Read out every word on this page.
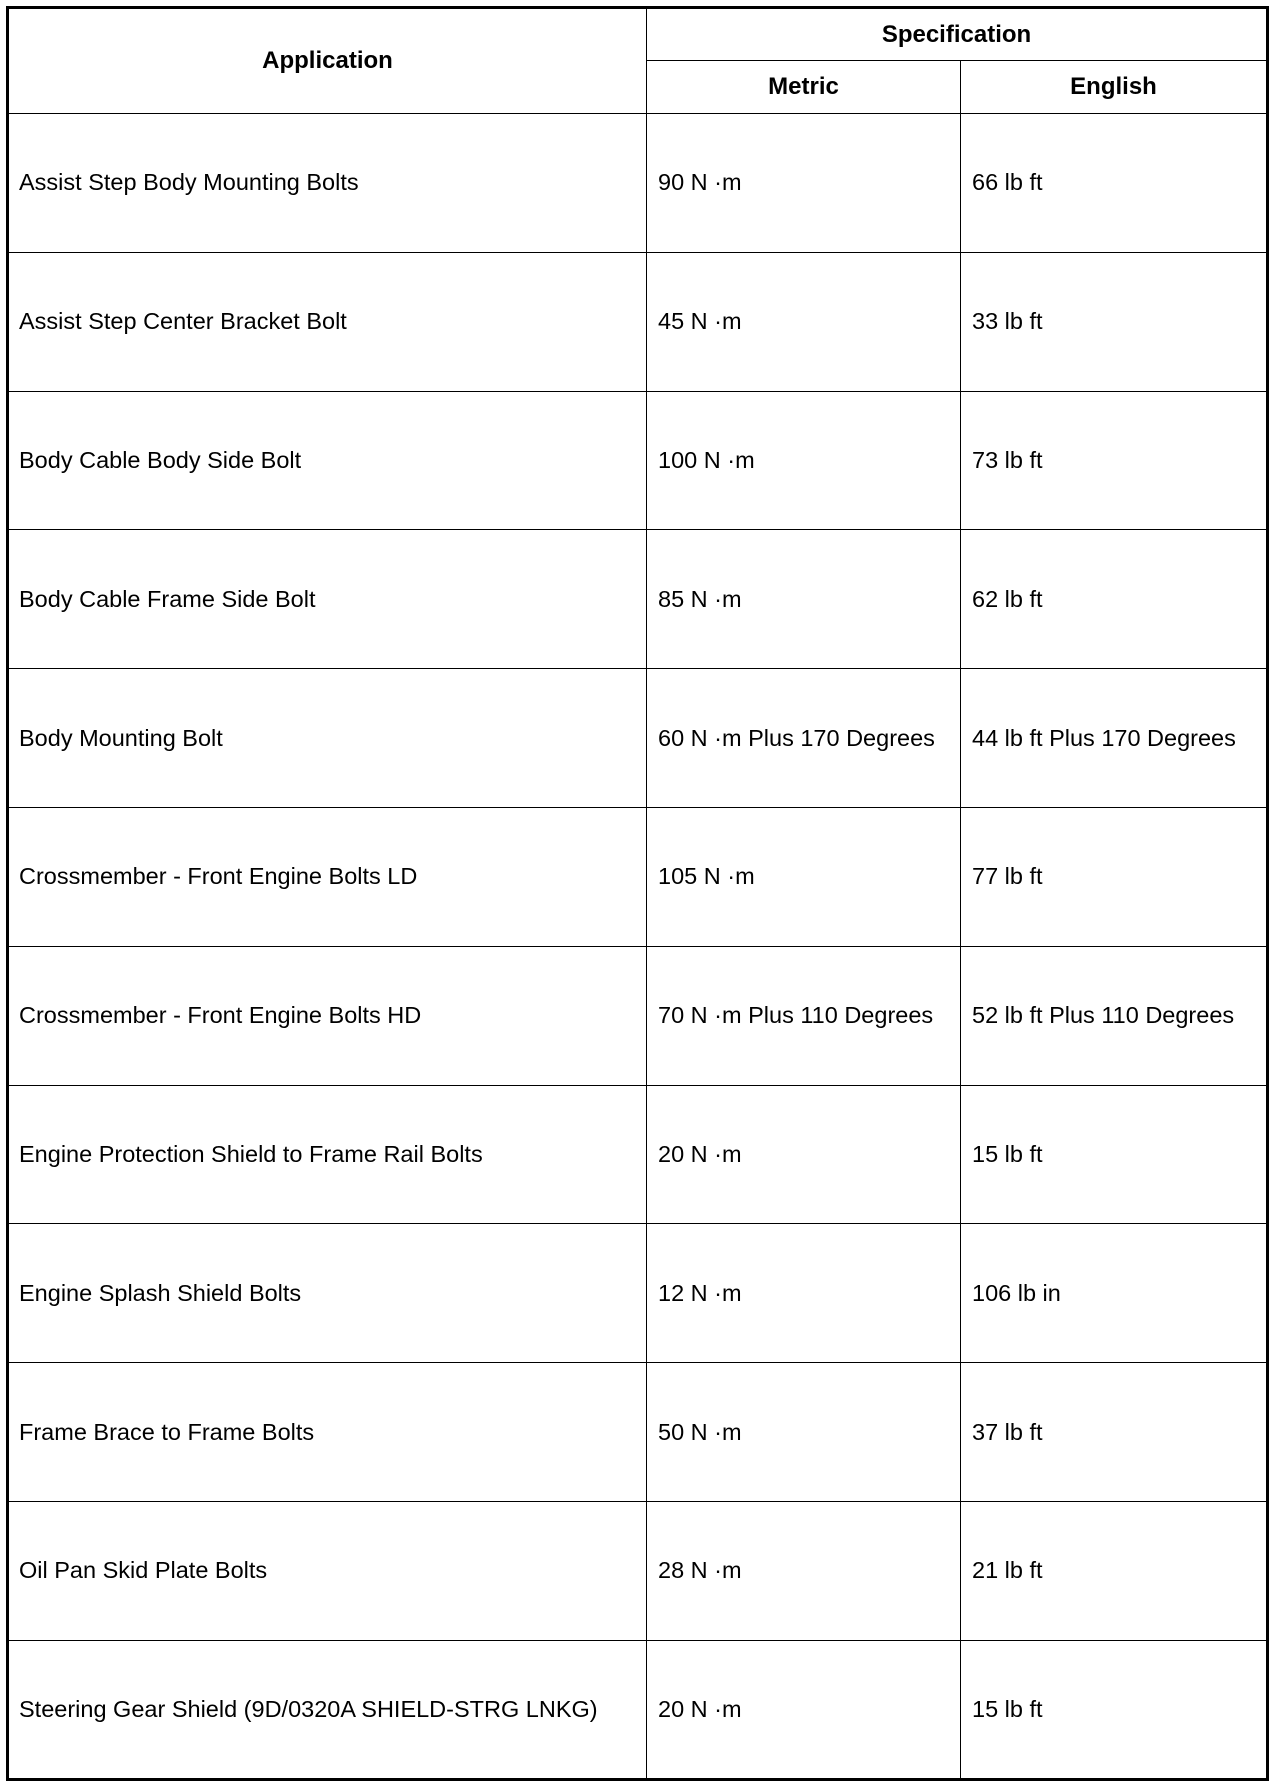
Application	Specification	
	Metric	English
Assist Step Body Mounting Bolts	90 N ·m	66 lb ft
Assist Step Center Bracket Bolt	45 N ·m	33 lb ft
Body Cable Body Side Bolt	100 N ·m	73 lb ft
Body Cable Frame Side Bolt	85 N ·m	62 lb ft
Body Mounting Bolt	60 N ·m Plus 170 Degrees	44 lb ft Plus 170 Degrees
Crossmember - Front Engine Bolts LD	105 N ·m	77 lb ft
Crossmember - Front Engine Bolts HD	70 N ·m Plus 110 Degrees	52 lb ft Plus 110 Degrees
Engine Protection Shield to Frame Rail Bolts	20 N ·m	15 lb ft
Engine Splash Shield Bolts	12 N ·m	106 lb in
Frame Brace to Frame Bolts	50 N ·m	37 lb ft
Oil Pan Skid Plate Bolts	28 N ·m	21 lb ft
Steering Gear Shield (9D/0320A SHIELD-STRG LNKG)	20 N ·m	15 lb ft
